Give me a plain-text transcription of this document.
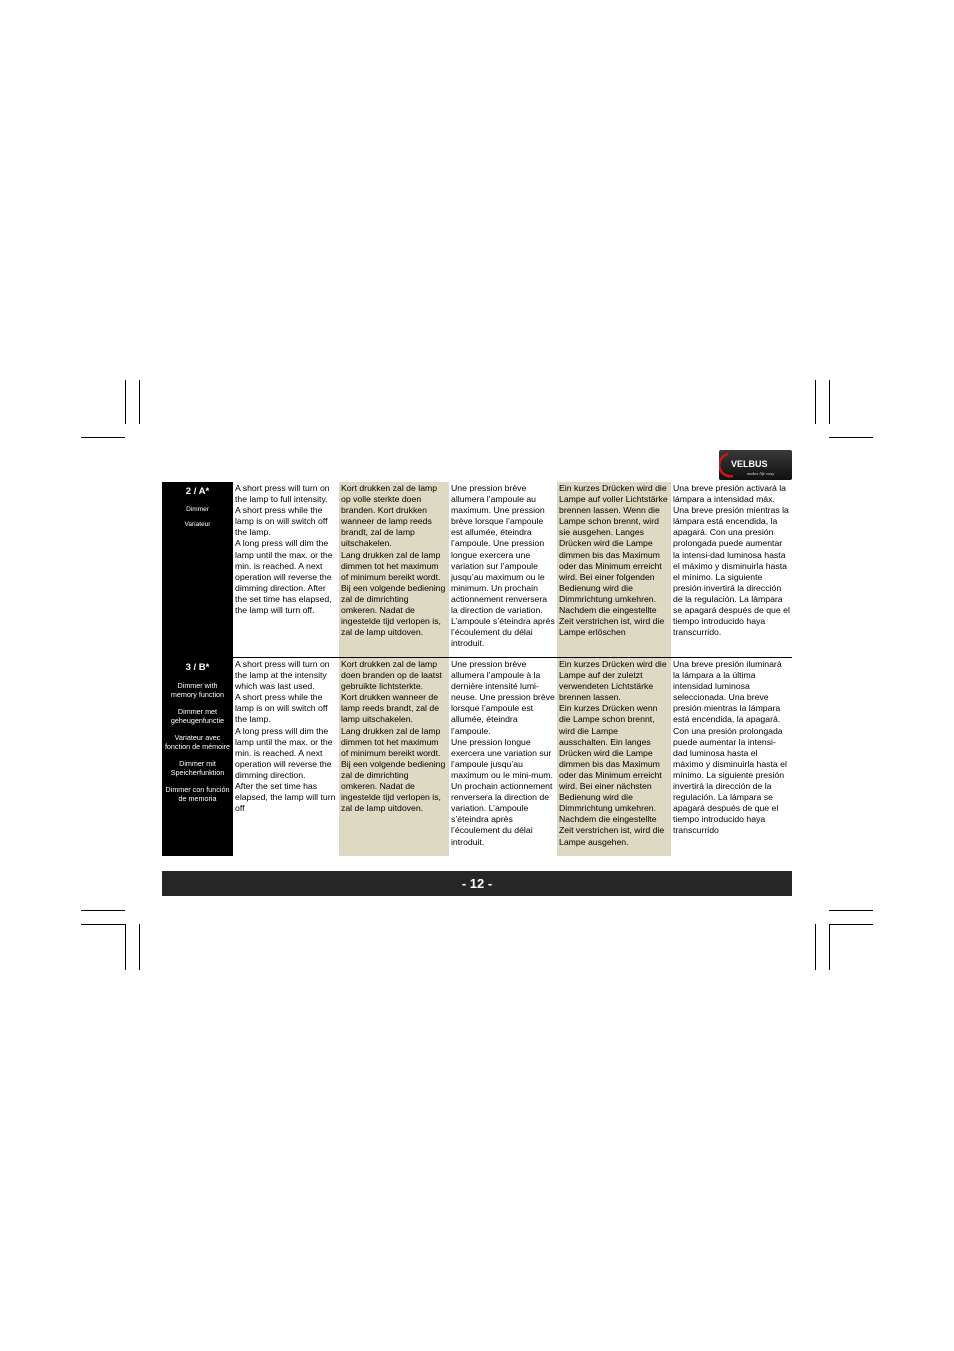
VELBUS
makes life easy
2 / A*
Dimmer
Variateur
A short press will turn on the lamp to full intensity.
A short press while the lamp is on will switch off the lamp.
A long press will dim the lamp until the max. or the min. is reached. A next operation will reverse the dimming direction. After the set time has elapsed, the lamp will turn off.
Kort drukken zal de lamp op volle sterkte doen branden. Kort drukken wanneer de lamp reeds brandt, zal de lamp uitschakelen.
Lang drukken zal de lamp dimmen tot het maximum of minimum bereikt wordt. Bij een volgende bediening zal de dimrichting omkeren. Nadat de ingestelde tijd verlopen is, zal de lamp uitdoven.
Une pression brève allumera l’ampoule au maximum. Une pression brève lorsque l’ampoule est allumée, éteindra l’ampoule. Une pression longue exercera une variation sur l’ampoule jusqu’au maximum ou le minimum. Un prochain actionnement renversera la direction de variation. L’ampoule s’éteindra après l’écoulement du délai introduit.
Ein kurzes Drücken wird die Lampe auf voller Lichtstärke brennen lassen. Wenn die Lampe schon brennt, wird sie ausgehen. Langes Drücken wird die Lampe dimmen bis das Maximum oder das Minimum erreicht wird. Bei einer folgenden Bedienung wird die Dimmrichtung umkehren. Nachdem die eingestellte Zeit verstrichen ist, wird die Lampe erlöschen
Una breve presión activará la lámpara a intensidad máx. Una breve presión mientras la lámpara está encendida, la apagará. Con una presión prolongada puede aumentar la intensi-dad luminosa hasta el máximo y disminuirla hasta el mínimo. La siguiente presión invertirá la dirección de la regulación. La lámpara se apagará después de que el tiempo introducido haya transcurrido.
3 / B*
Dimmer with memory function
Dimmer met geheugenfunctie
Variateur avec fonction de mémoire
Dimmer mit Speicherfunktion
Dimmer con función de memoria
A short press will turn on the lamp at the intensity which was last used.
A short press while the lamp is on will switch off the lamp.
A long press will dim the lamp until the max. or the min. is reached. A next operation will reverse the dimming direction.
After the set time has elapsed, the lamp will turn off
Kort drukken zal de lamp doen branden op de laatst gebruikte lichtsterkte.
Kort drukken wanneer de lamp reeds brandt, zal de lamp uitschakelen.
Lang drukken zal de lamp dimmen tot het maximum of minimum bereikt wordt. Bij een volgende bediening zal de dimrichting omkeren. Nadat de ingestelde tijd verlopen is, zal de lamp uitdoven.
Une pression brève allumera l’ampoule à la dernière intensité lumi-neuse. Une pression brève lorsque l’ampoule est allumée, éteindra l’ampoule.
Une pression longue exercera une variation sur l’ampoule jusqu’au maximum ou le mini-mum. Un prochain actionnement renversera la direction de variation. L’ampoule s’éteindra après l’écoulement du délai introduit.
Ein kurzes Drücken wird die Lampe auf der zuletzt verwendeten Lichtstärke brennen lassen.
Ein kurzes Drücken wenn die Lampe schon brennt, wird die Lampe ausschalten. Ein langes Drücken wird die Lampe dimmen bis das Maximum oder das Minimum erreicht wird. Bei einer nächsten Bedienung wird die Dimmrichtung umkehren. Nachdem die eingestellte Zeit verstrichen ist, wird die Lampe ausgehen.
Una breve presión iluminará la lámpara a la última intensidad luminosa seleccionada. Una breve presión mientras la lámpara está encendida, la apagará. Con una presión prolongada puede aumentar la intensi-dad luminosa hasta el máximo y disminuirla hasta el mínimo. La siguiente presión invertirá la dirección de la regulación. La lámpara se apagará después de que el tiempo introducido haya transcurrido
- 12 -
